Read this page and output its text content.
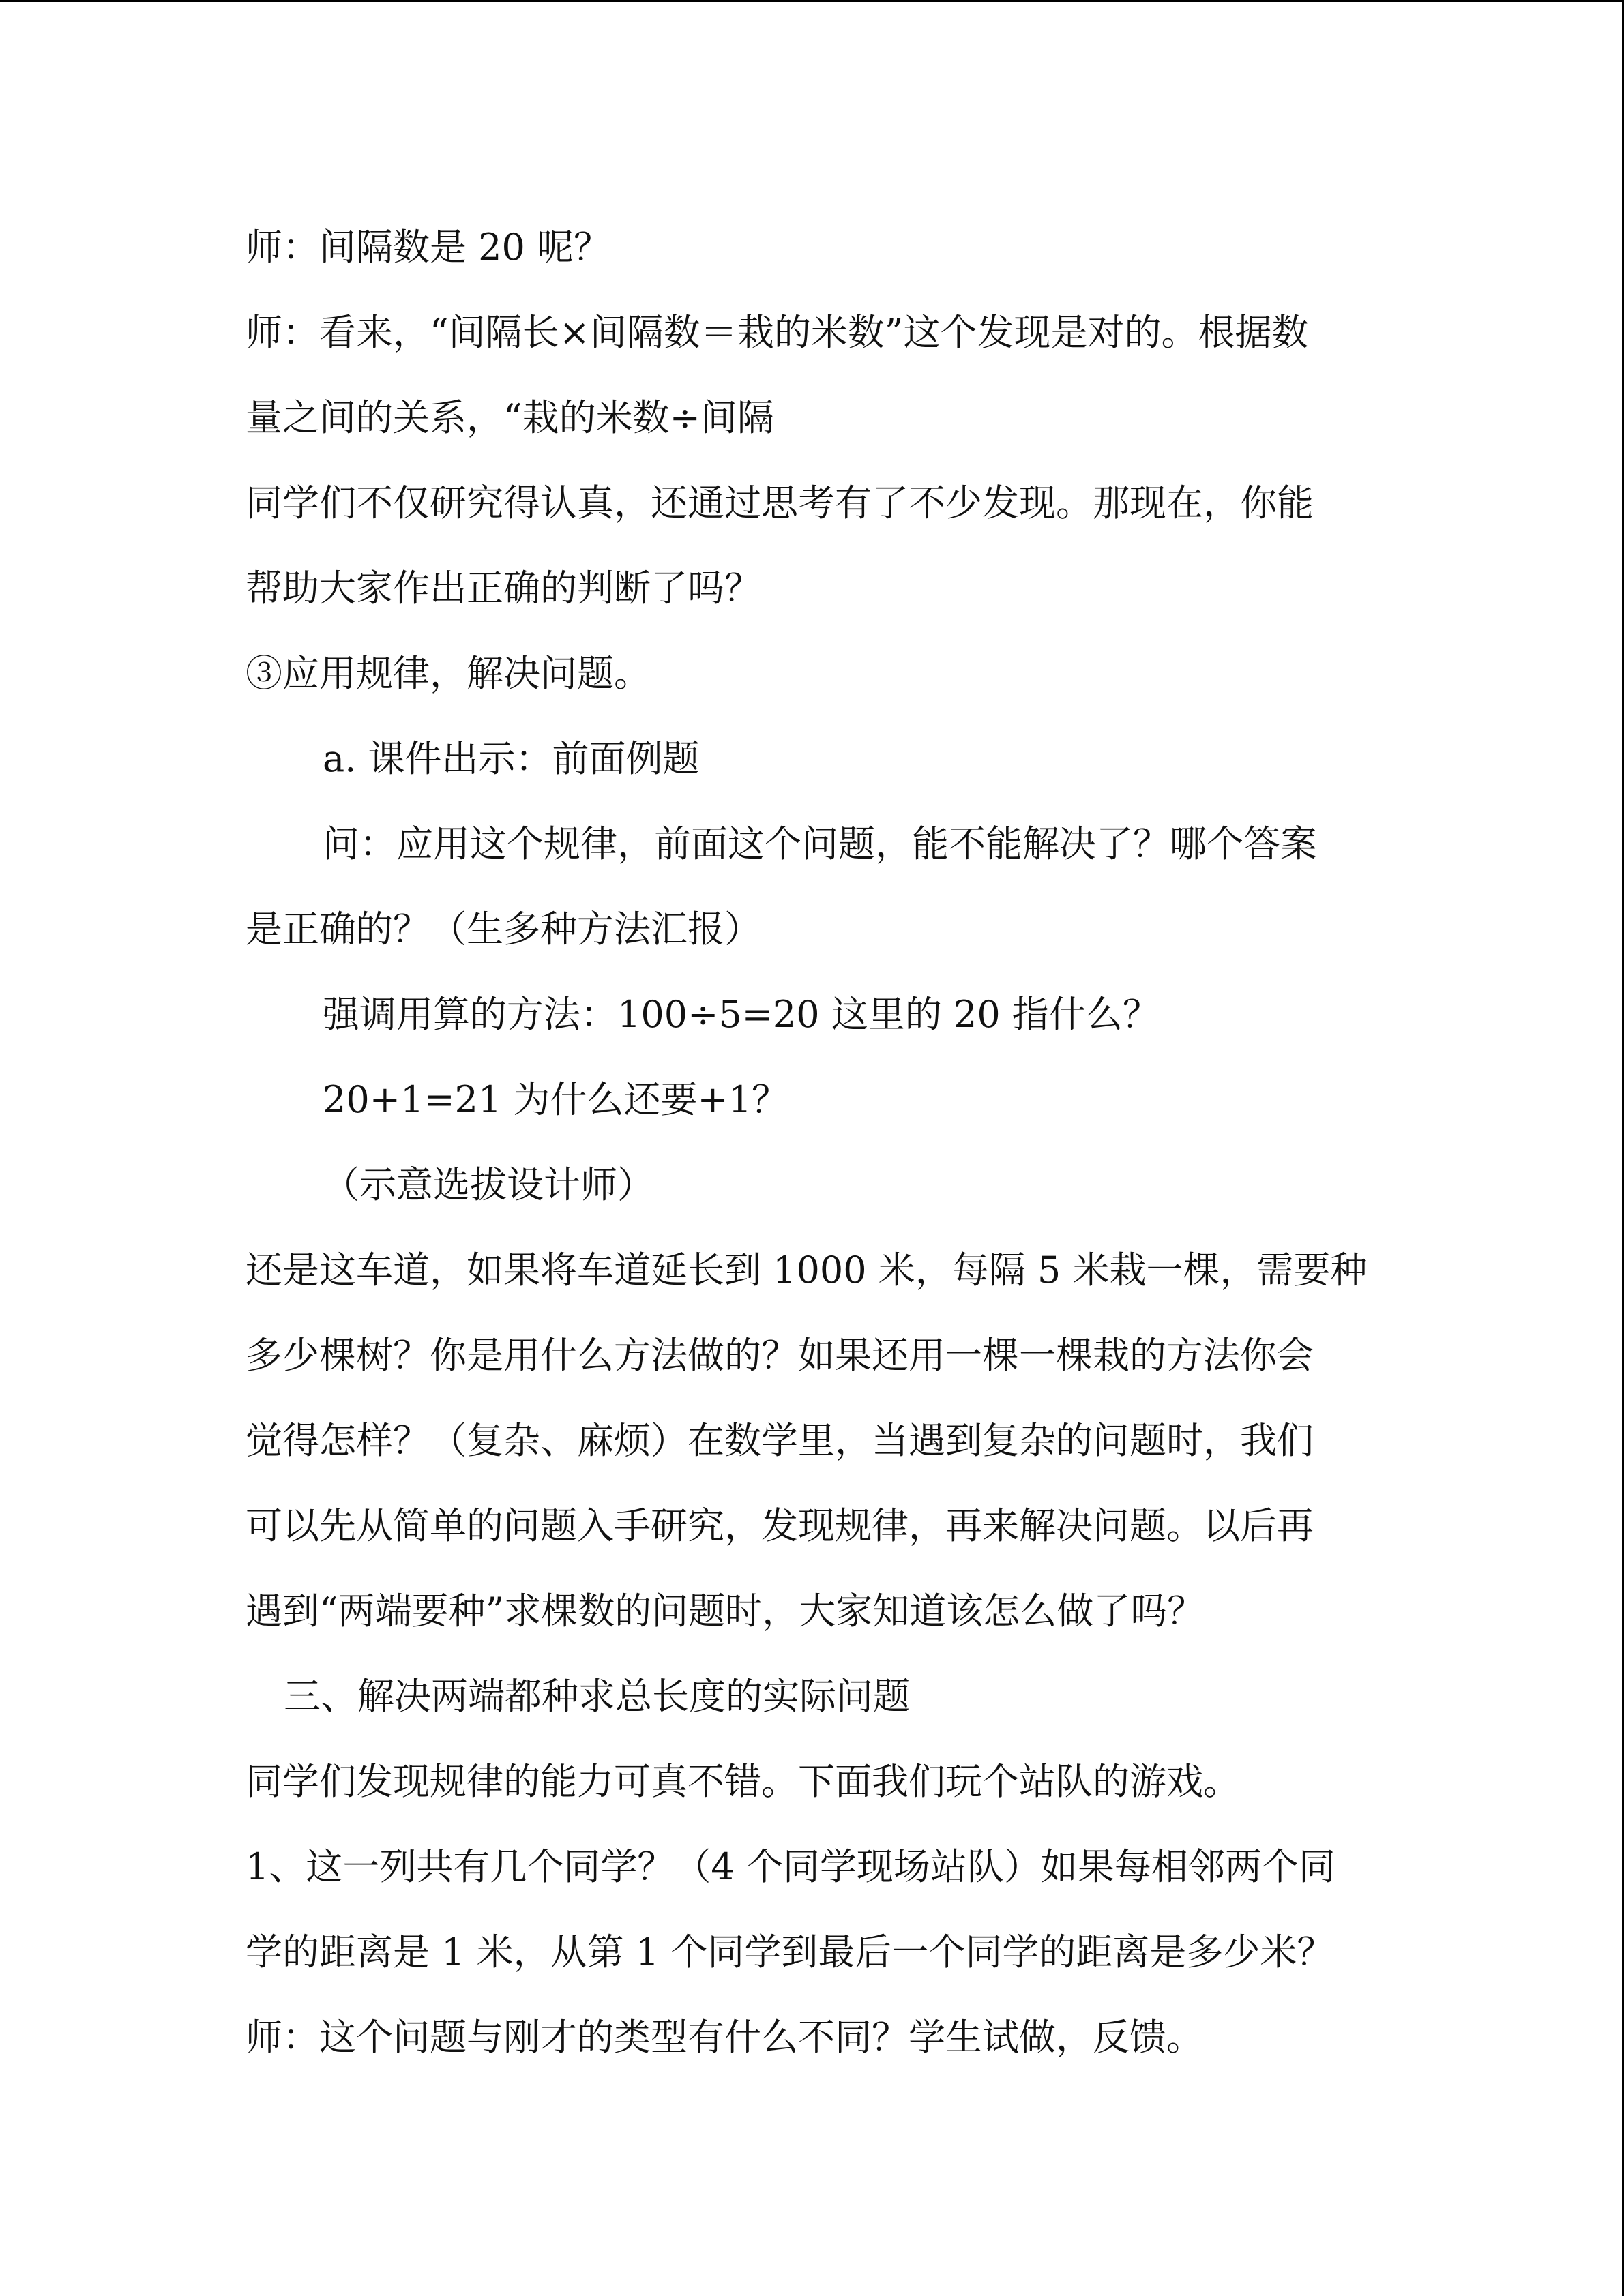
师：间隔数是 20 呢？
师：看来，“间隔长×间隔数＝栽的米数”这个发现是对的。根据数
量之间的关系，“栽的米数÷间隔
同学们不仅研究得认真，还通过思考有了不少发现。那现在，你能
帮助大家作出正确的判断了吗？
③应用规律，解决问题。
a. 课件出示：前面例题
问：应用这个规律，前面这个问题，能不能解决了？哪个答案
是正确的？（生多种方法汇报）
强调用算的方法：100÷5=20 这里的 20 指什么？
20+1=21 为什么还要+1？
（示意选拔设计师）
还是这车道，如果将车道延长到 1000 米，每隔 5 米栽一棵，需要种
多少棵树？你是用什么方法做的？如果还用一棵一棵栽的方法你会
觉得怎样？（复杂、麻烦）在数学里，当遇到复杂的问题时，我们
可以先从简单的问题入手研究，发现规律，再来解决问题。以后再
遇到“两端要种”求棵数的问题时，大家知道该怎么做了吗？
三、解决两端都种求总长度的实际问题
同学们发现规律的能力可真不错。下面我们玩个站队的游戏。
1、这一列共有几个同学？（4 个同学现场站队）如果每相邻两个同
学的距离是 1 米，从第 1 个同学到最后一个同学的距离是多少米？
师：这个问题与刚才的类型有什么不同？学生试做，反馈。
